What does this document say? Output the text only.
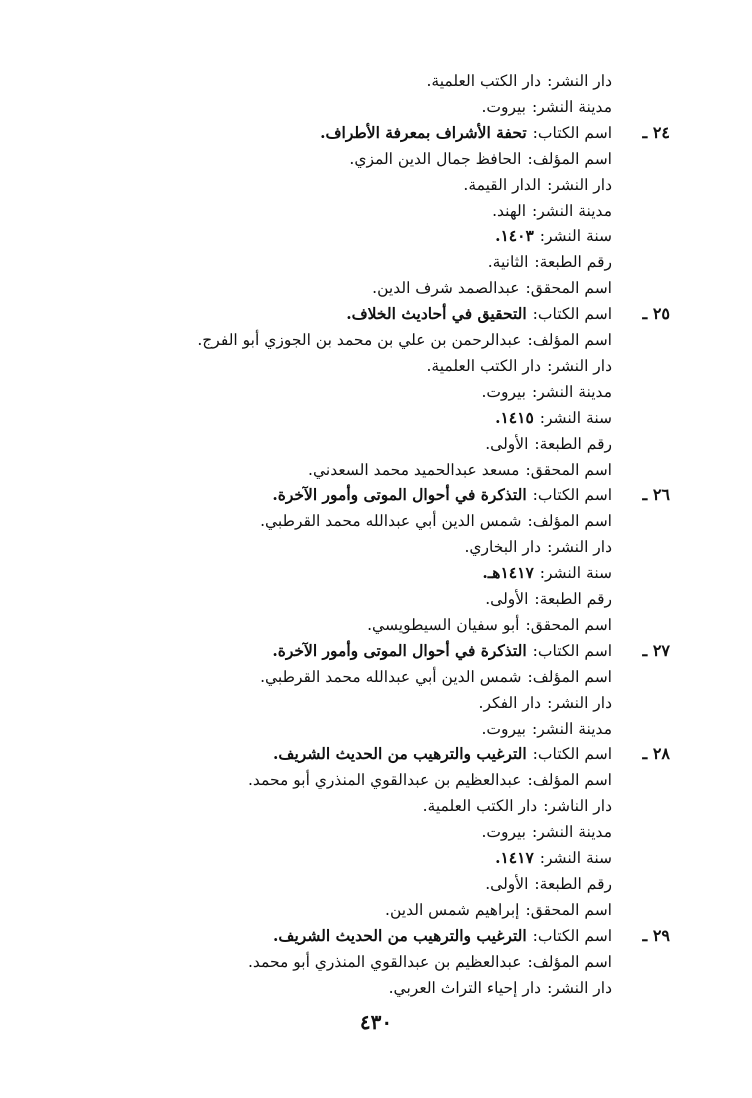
دار النشر:دار الكتب العلمية.
مدينة النشر:بيروت.
٢٤ ـ
اسم الكتاب:تحفة الأشراف بمعرفة الأطراف.
اسم المؤلف:الحافظ جمال الدين المزي.
دار النشر:الدار القيمة.
مدينة النشر:الهند.
سنة النشر:١٤٠٣.
رقم الطبعة:الثانية.
اسم المحقق:عبدالصمد شرف الدين.
٢٥ ـ
اسم الكتاب:التحقيق في أحاديث الخلاف.
اسم المؤلف:عبدالرحمن بن علي بن محمد بن الجوزي أبو الفرج.
دار النشر:دار الكتب العلمية.
مدينة النشر:بيروت.
سنة النشر:١٤١٥.
رقم الطبعة:الأولى.
اسم المحقق:مسعد عبدالحميد محمد السعدني.
٢٦ ـ
اسم الكتاب:التذكرة في أحوال الموتى وأمور الآخرة.
اسم المؤلف:شمس الدين أبي عبدالله محمد القرطبي.
دار النشر:دار البخاري.
سنة النشر:١٤١٧هـ.
رقم الطبعة:الأولى.
اسم المحقق:أبو سفيان السيطويسي.
٢٧ ـ
اسم الكتاب:التذكرة في أحوال الموتى وأمور الآخرة.
اسم المؤلف:شمس الدين أبي عبدالله محمد القرطبي.
دار النشر:دار الفكر.
مدينة النشر:بيروت.
٢٨ ـ
اسم الكتاب:الترغيب والترهيب من الحديث الشريف.
اسم المؤلف:عبدالعظيم بن عبدالقوي المنذري أبو محمد.
دار الناشر:دار الكتب العلمية.
مدينة النشر:بيروت.
سنة النشر:١٤١٧.
رقم الطبعة:الأولى.
اسم المحقق:إبراهيم شمس الدين.
٢٩ ـ
اسم الكتاب:الترغيب والترهيب من الحديث الشريف.
اسم المؤلف:عبدالعظيم بن عبدالقوي المنذري أبو محمد.
دار النشر:دار إحياء التراث العربي.
٤٣٠
